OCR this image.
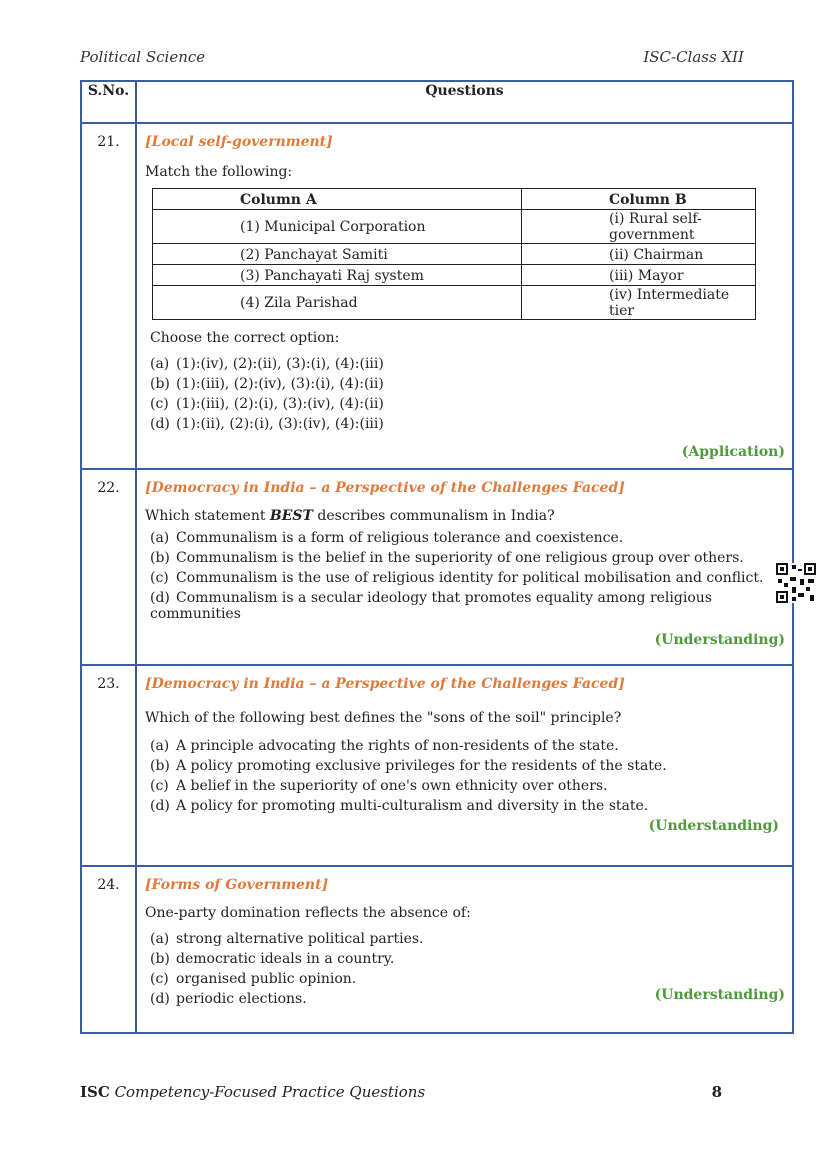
Political Science	ISC-Class XII
S.No.	Questions
21.	[Local self-government]
Match the following:
Column A	Column B
(1) Municipal Corporation	(i) Rural self-government
(2) Panchayat Samiti	(ii) Chairman
(3) Panchayati Raj system	(iii) Mayor
(4) Zila Parishad	(iv) Intermediate tier
Choose the correct option:
(a) (1):(iv), (2):(ii), (3):(i), (4):(iii)
(b) (1):(iii), (2):(iv), (3):(i), (4):(ii)
(c) (1):(iii), (2):(i), (3):(iv), (4):(ii)
(d) (1):(ii), (2):(i), (3):(iv), (4):(iii)
(Application)

22.	[Democracy in India – a Perspective of the Challenges Faced]
Which statement BEST describes communalism in India?
(a) Communalism is a form of religious tolerance and coexistence.
(b) Communalism is the belief in the superiority of one religious group over others.
(c) Communalism is the use of religious identity for political mobilisation and conflict.
(d) Communalism is a secular ideology that promotes equality among religious communities
(Understanding)

23.	[Democracy in India – a Perspective of the Challenges Faced]
Which of the following best defines the "sons of the soil" principle?
(a) A principle advocating the rights of non-residents of the state.
(b) A policy promoting exclusive privileges for the residents of the state.
(c) A belief in the superiority of one's own ethnicity over others.
(d) A policy for promoting multi-culturalism and diversity in the state.
(Understanding)

24.	[Forms of Government]
One-party domination reflects the absence of:
(a) strong alternative political parties.
(b) democratic ideals in a country.
(c) organised public opinion.
(d) periodic elections.	(Understanding)
ISC Competency-Focused Practice Questions	8
